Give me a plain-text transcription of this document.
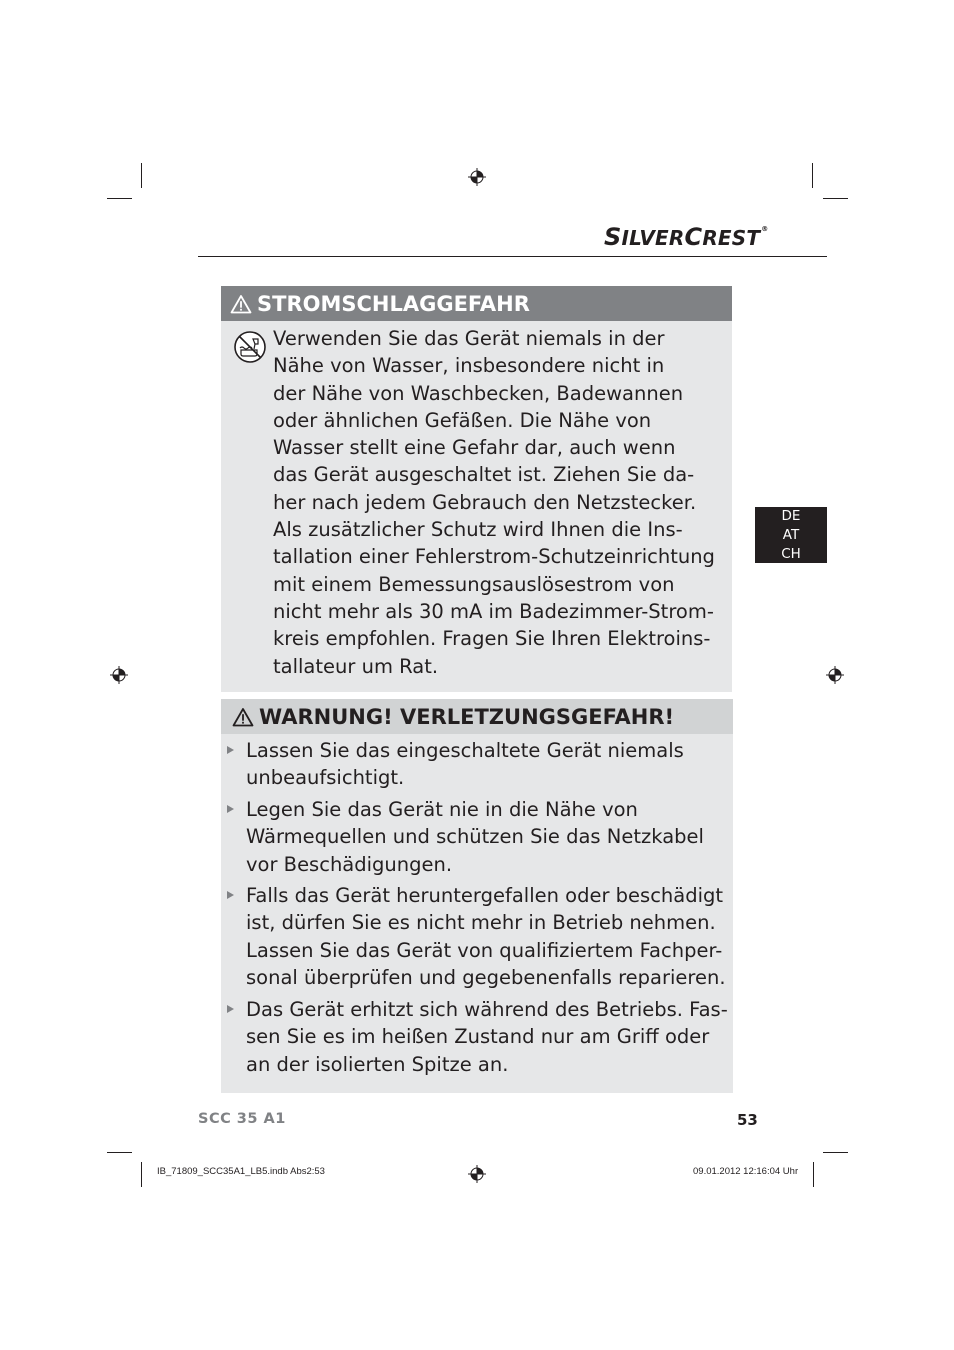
SILVERCREST®
DE
AT
CH
STROMSCHLAGGEFAHR
Verwenden Sie das Gerät niemals in der
Nähe von Wasser, insbesondere nicht in
der Nähe von Waschbecken, Badewannen
oder ähnlichen Gefäßen. Die Nähe von
Wasser stellt eine Gefahr dar, auch wenn
das Gerät ausgeschaltet ist. Ziehen Sie da-
her nach jedem Gebrauch den Netzstecker.
Als zusätzlicher Schutz wird Ihnen die Ins-
tallation einer Fehlerstrom-Schutzeinrichtung
mit einem Bemessungsauslösestrom von
nicht mehr als 30 mA im Badezimmer-Strom-
kreis empfohlen. Fragen Sie Ihren Elektroins-
tallateur um Rat.
WARNUNG! VERLETZUNGSGEFAHR!
Lassen Sie das eingeschaltete Gerät niemals
unbeaufsichtigt.
Legen Sie das Gerät nie in die Nähe von
Wärmequellen und schützen Sie das Netzkabel
vor Beschädigungen.
Falls das Gerät heruntergefallen oder beschädigt
ist, dürfen Sie es nicht mehr in Betrieb nehmen.
Lassen Sie das Gerät von qualifiziertem Fachper-
sonal überprüfen und gegebenenfalls reparieren.
Das Gerät erhitzt sich während des Betriebs. Fas-
sen Sie es im heißen Zustand nur am Griff oder
an der isolierten Spitze an.
SCC 35 A1	53
IB_71809_SCC35A1_LB5.indb Abs2:53	09.01.2012 12:16:04 Uhr
